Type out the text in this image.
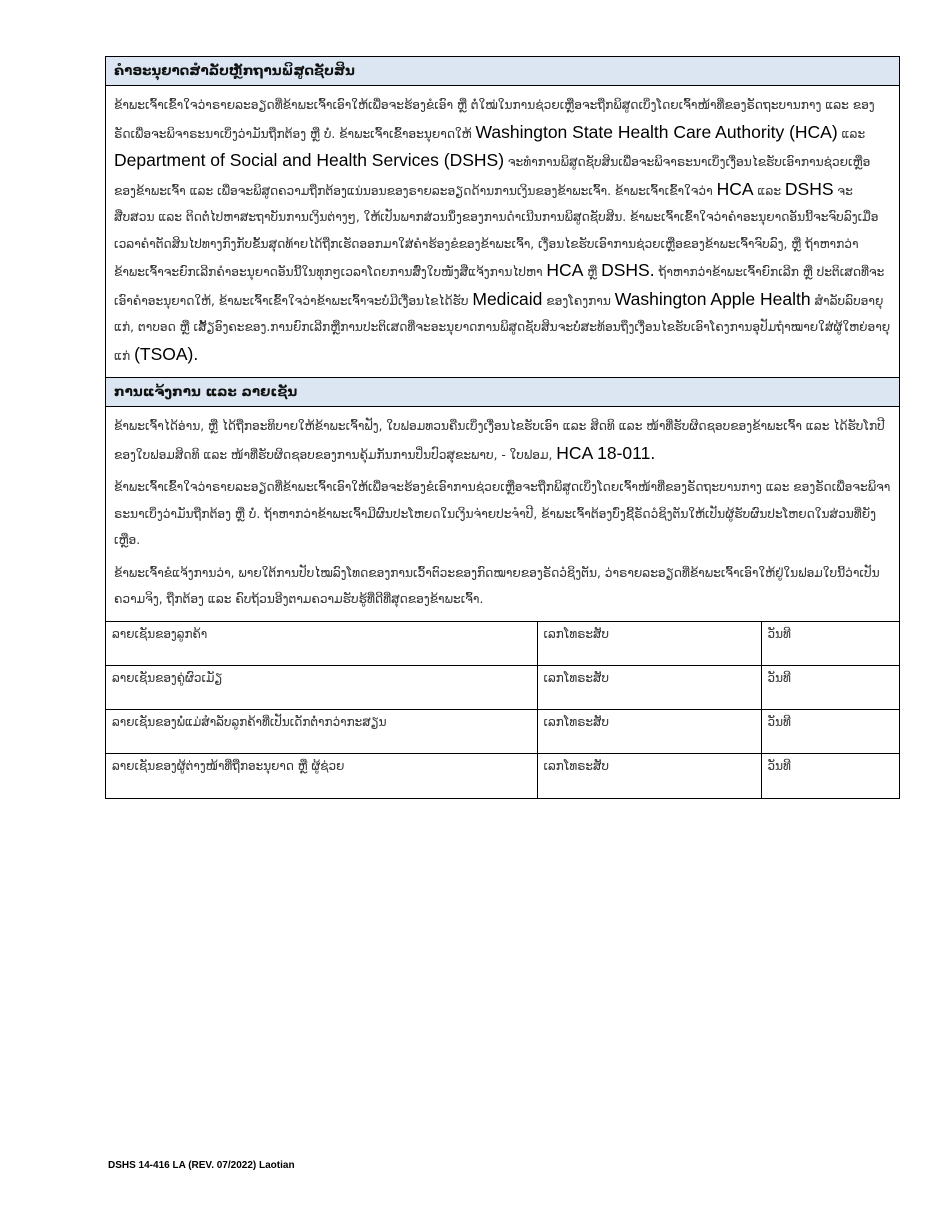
ຄຳອະນຸຍາດສຳລັບຫຼັກຖານພິສູດຊັບສິນ

ຂ້າພະເຈົ້າເຂົ້າໃຈວ່າຣາຍລະອຽດທີ່ຂ້າພະເຈົ້າເອົາໃຫ້ເພື່ອຈະຮ້ອງຂໍເອົາ ຫຼື ຕໍ່ໃໝ່ໃນການຊ່ວຍເຫຼືອຈະຖືກພິສູດເບິ່ງໂດຍເຈົ້າໜ້າທີ່ຂອງຣັດຖະບານກາງ ແລະ ຂອງຣັດເພື່ອຈະພິຈາຣະນາເບິ່ງວ່າມັນຖືກຕ້ອງ ຫຼື ບໍ່. ຂ້າພະເຈົ້າເຂົ້າອະນຸຍາດໃຫ້ Washington State Health Care Authority (HCA) ແລະ Department of Social and Health Services (DSHS) ຈະທຳການພິສູດຊັບສິນເພື່ອຈະພິຈາຣະນາເບິ່ງເງື່ອນໄຂຮັບເອົາການຊ່ວຍເຫຼືອຂອງຂ້າພະເຈົ້າ ແລະ ເພື່ອຈະພິສູດຄວາມຖືກຕ້ອງແນ່ນອນຂອງຣາຍລະອຽດດ້ານການເງິນຂອງຂ້າພະເຈົ້າ. ຂ້າພະເຈົ້າເຂົ້າໃຈວ່າ HCA ແລະ DSHS ຈະສືບສວນ ແລະ ຕິດຕໍ່ໄປຫາສະຖາບັນການເງິນຕ່າງໆ, ໃຫ້ເປັນພາກສ່ວນນຶ່ງຂອງການດຳເນີນການພິສູດຊັບສິນ. ຂ້າພະເຈົ້າເຂົ້າໃຈວ່າຄຳອະນຸຍາດອັນນີ້ຈະຈົບລົງເມື່ອເວລາຄຳຕັດສິນໄປທາງກົງກັບຂັ້ນສຸດທ້າຍໄດ້ຖືກເຮັດອອກມາໃສ່ຄຳຮ້ອງຂໍຂອງຂ້າພະເຈົ້າ, ເງື່ອນໄຂຮັບເອົາການຊ່ວຍເຫຼືອຂອງຂ້າພະເຈົ້າຈົບລົງ, ຫຼື ຖ້າຫາກວ່າ ຂ້າພະເຈົ້າຈະຍົກເລີກຄຳອະນຸຍາດອັນນີ້ໃນທຸກໆເວລາໂດຍການສົ່ງໃບໜັງສືແຈ້ງການໄປຫາ HCA ຫຼື DSHS. ຖ້າຫາກວ່າຂ້າພະເຈົ້າຍົກເລີກ ຫຼື ປະຕິເສດທີ່ຈະເອົາຄຳອະນຸຍາດໃຫ້, ຂ້າພະເຈົ້າເຂົ້າໃຈວ່າຂ້າພະເຈົ້າຈະບໍ່ມີເງື່ອນໄຂໄດ້ຮັບ Medicaid ຂອງໂຄງການ Washington Apple Health ສຳລັບລົບອາຍຸແກ່, ຕາບອດ ຫຼື ເສັ້ຽອົງຄະຂອງ.ການຍົກເລີກຫຼືການປະຕິເສດທີ່ຈະອະນຸຍາດການພິສູດຊັບສິນຈະບໍ່ສະທ້ອນຖຶງເງື່ອນໄຂຮັບເອົາໂຄງການອຸປັມຖຳໝາຍໃສ່ຜູ້ໃຫຍ່ອາຍຸແກ່ (TSOA).

ການແຈ້ງການ ແລະ ລາຍເຊັນ

ຂ້າພະເຈົ້າໄດ້ອ່ານ, ຫຼື ໄດ້ຖືກອະທິບາຍໃຫ້ຂ້າພະເຈົ້າຟັງ, ໃບຟອມທວນຄືນເບິ່ງເງື່ອນໄຂຮັບເອົາ ແລະ ສິດທິ ແລະ ໜ້າທີ່ຮັບຜິດຊອບຂອງຂ້າພະເຈົ້າ ແລະ ໄດ້ຮັບໂກປີຂອງໃບຟອມສິດທິ ແລະ ໜ້າທີ່ຮັບຜິດຊອບຂອງການຄຸ້ມກັນການປິ່ນປົວສຸຂະພາບ, - ໃບຟອມ, HCA 18-011.

ຂ້າພະເຈົ້າເຂົ້າໃຈວ່າຣາຍລະອຽດທີ່ຂ້າພະເຈົ້າເອົາໃຫ້ເພື່ອຈະຮ້ອງຂໍເອົາການຊ່ວຍເຫຼືອຈະຖືກພິສູດເບິ່ງໂດຍເຈົ້າໜ້າທີ່ຂອງຣັດຖະບານກາງ ແລະ ຂອງຣັດເພື່ອຈະພິຈາຣະນາເບິ່ງວ່າມັນຖືກຕ້ອງ ຫຼື ບໍ່. ຖ້າຫາກວ່າຂ້າພະເຈົ້າມີຜົນປະໂຫຍດໃນເງິນຈ່າຍປະຈຳປີ, ຂ້າພະເຈົ້າຕ້ອງບົ່ງຊີ້ຣັດວໍຊິງຕັນໃຫ້ເປັນຜູ້ຮັບຜົນປະໂຫຍດໃນສ່ວນທີ່ຍັງເຫຼືອ.

ຂ້າພະເຈົ້າຂໍແຈ້ງການວ່າ, ພາຍໃຕ້ການປັບໄໝລົງໂທດຂອງການເວົ້າຕົວະຂອງກົດໝາຍຂອງຣັດວໍຊິງຕັນ, ວ່າຣາຍລະອຽດທີ່ຂ້າພະເຈົ້າເອົາໃຫ້ຢູ່ໃນຟອມໃບນີ້ວ່າເປັນຄວາມຈິງ, ຖືກຕ້ອງ ແລະ ຄົບຖ້ວນອີງຕາມຄວາມຮັບຮູ້ທີ່ດີທີ່ສຸດຂອງຂ້າພະເຈົ້າ.

ລາຍເຊັນຂອງລູກຄ້າ	ເລກໂທຣະສັບ	ວັນທີ
ລາຍເຊັນຂອງຄູ່ຜົວເມັຽ	ເລກໂທຣະສັບ	ວັນທີ
ລາຍເຊັນຂອງພໍ່ແມ່ສຳລັບລູກຄ້າທີ່ເປັນເດັກຕ່ຳກວ່າກະສຽນ	ເລກໂທຣະສັບ	ວັນທີ
ລາຍເຊັນຂອງຜູ້ຕ່າງໜ້າທີ່ຖືກອະນຸຍາດ ຫຼື ຜູ້ຊ່ວຍ	ເລກໂທຣະສັບ	ວັນທີ
DSHS 14-416 LA (REV. 07/2022) Laotian
